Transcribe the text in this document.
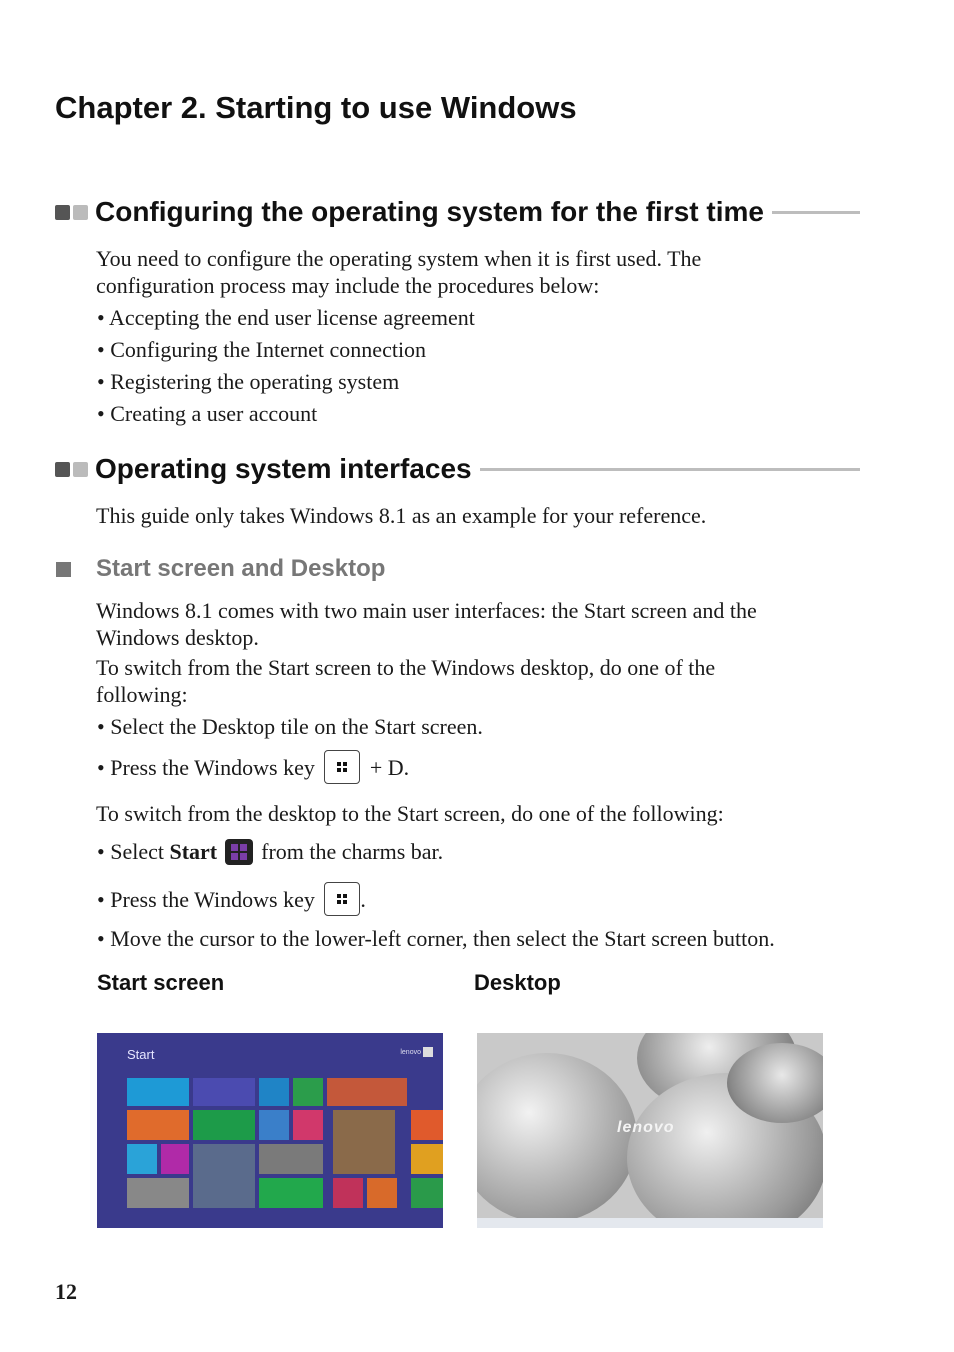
Chapter 2. Starting to use Windows
Configuring the operating system for the first time

You need to configure the operating system when it is first used. The
configuration process may include the procedures below:

• Accepting the end user license agreement

• Configuring the Internet connection

• Registering the operating system

• Creating a user account

Operating system interfaces

This guide only takes Windows 8.1 as an example for your reference.

Start screen and Desktop

Windows 8.1 comes with two main user interfaces: the Start screen and the
Windows desktop.

To switch from the Start screen to the Windows desktop, do one of the
following:

• Select the Desktop tile on the Start screen.

• Press the Windows key	+ D.

To switch from the desktop to the Start screen, do one of the following:

• Select Start from the charms bar.

• Press the Windows key .

• Move the cursor to the lower-left corner, then select the Start screen button.

Start screen	Desktop

Start	lenovo
lenovo

12
